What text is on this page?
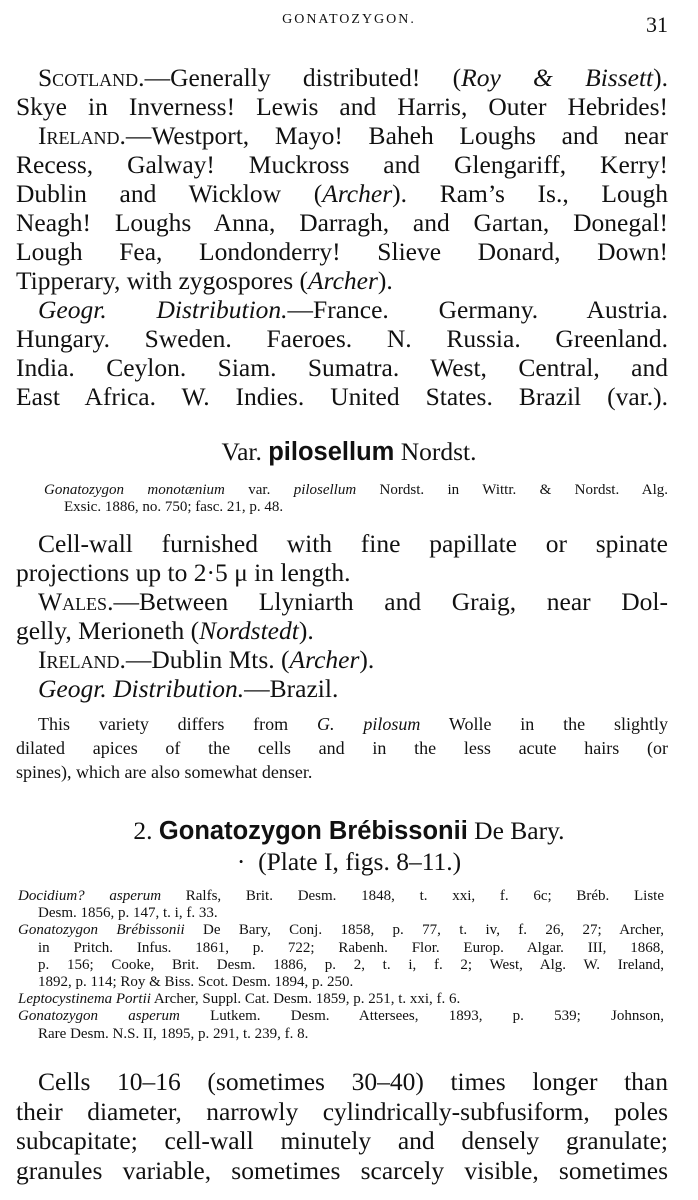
GONATOZYGON.	31
Scotland.—Generally distributed! (Roy & Bissett).
Skye in Inverness! Lewis and Harris, Outer Hebrides!
Ireland.—Westport, Mayo! Baheh Loughs and near
Recess, Galway! Muckross and Glengariff, Kerry!
Dublin and Wicklow (Archer). Ram’s Is., Lough
Neagh! Loughs Anna, Darragh, and Gartan, Donegal!
Lough Fea, Londonderry! Slieve Donard, Down!
Tipperary, with zygospores (Archer).
Geogr. Distribution.—France. Germany. Austria.
Hungary. Sweden. Faeroes. N. Russia. Greenland.
India. Ceylon. Siam. Sumatra. West, Central, and
East Africa. W. Indies. United States. Brazil (var.).
Var. pilosellum Nordst.
Gonatozygon monotænium var. pilosellum Nordst. in Wittr. & Nordst. Alg.
Exsic. 1886, no. 750; fasc. 21, p. 48.
Cell-wall furnished with fine papillate or spinate
projections up to 2·5 μ in length.
Wales.—Between Llyniarth and Graig, near Dol-
gelly, Merioneth (Nordstedt).
Ireland.—Dublin Mts. (Archer).
Geogr. Distribution.—Brazil.
This variety differs from G. pilosum Wolle in the slightly
dilated apices of the cells and in the less acute hairs (or
spines), which are also somewhat denser.
2. Gonatozygon Brébissonii De Bary.
· (Plate I, figs. 8–11.)
Docidium? asperum Ralfs, Brit. Desm. 1848, t. xxi, f. 6c; Bréb. Liste
Desm. 1856, p. 147, t. i, f. 33.
Gonatozygon Brébissonii De Bary, Conj. 1858, p. 77, t. iv, f. 26, 27; Archer,
in Pritch. Infus. 1861, p. 722; Rabenh. Flor. Europ. Algar. III, 1868,
p. 156; Cooke, Brit. Desm. 1886, p. 2, t. i, f. 2; West, Alg. W. Ireland,
1892, p. 114; Roy & Biss. Scot. Desm. 1894, p. 250.
Leptocystinema Portii Archer, Suppl. Cat. Desm. 1859, p. 251, t. xxi, f. 6.
Gonatozygon asperum Lutkem. Desm. Attersees, 1893, p. 539; Johnson,
Rare Desm. N.S. II, 1895, p. 291, t. 239, f. 8.
Cells 10–16 (sometimes 30–40) times longer than
their diameter, narrowly cylindrically-subfusiform, poles
subcapitate; cell-wall minutely and densely granulate;
granules variable, sometimes scarcely visible, sometimes
